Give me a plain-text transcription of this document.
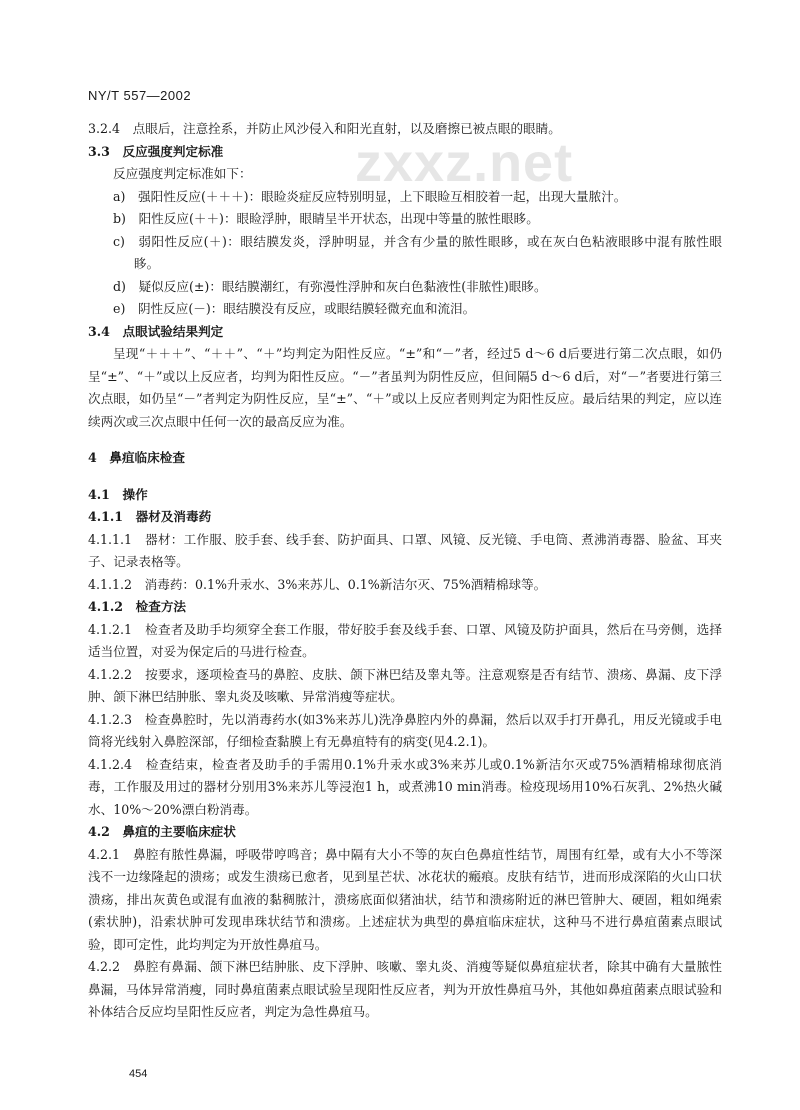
zxxz.net
NY/T 557—2002
3.2.4　点眼后，注意拴系，并防止风沙侵入和阳光直射，以及磨擦已被点眼的眼睛。
3.3　反应强度判定标准
反应强度判定标准如下：
a)　强阳性反应(＋＋＋)：眼睑炎症反应特别明显，上下眼睑互相胶着一起，出现大量脓汁。
b)　阳性反应(＋＋)：眼睑浮肿，眼睛呈半开状态，出现中等量的脓性眼眵。
c)　弱阳性反应(＋)：眼结膜发炎，浮肿明显，并含有少量的脓性眼眵，或在灰白色粘液眼眵中混有脓性眼眵。
d)　疑似反应(±)：眼结膜潮红，有弥漫性浮肿和灰白色黏液性(非脓性)眼眵。
e)　阴性反应(－)：眼结膜没有反应，或眼结膜轻微充血和流泪。
3.4　点眼试验结果判定
呈现“＋＋＋”、“＋＋”、“＋”均判定为阳性反应。“±”和“－”者，经过5 d～6 d后要进行第二次点眼，如仍呈“±”、“＋”或以上反应者，均判为阳性反应。“－”者虽判为阴性反应，但间隔5 d～6 d后，对“－”者要进行第三次点眼，如仍呈“－”者判定为阴性反应，呈“±”、“＋”或以上反应者则判定为阳性反应。最后结果的判定，应以连续两次或三次点眼中任何一次的最高反应为准。
4　鼻疽临床检查
4.1　操作
4.1.1　器材及消毒药
4.1.1.1　器材：工作服、胶手套、线手套、防护面具、口罩、风镜、反光镜、手电筒、煮沸消毒器、脸盆、耳夹子、记录表格等。
4.1.1.2　消毒药：0.1%升汞水、3%来苏儿、0.1%新洁尔灭、75%酒精棉球等。
4.1.2　检查方法
4.1.2.1　检查者及助手均须穿全套工作服，带好胶手套及线手套、口罩、风镜及防护面具，然后在马旁侧，选择适当位置，对妥为保定后的马进行检查。
4.1.2.2　按要求，逐项检查马的鼻腔、皮肤、颌下淋巴结及睾丸等。注意观察是否有结节、溃疡、鼻漏、皮下浮肿、颌下淋巴结肿胀、睾丸炎及咳嗽、异常消瘦等症状。
4.1.2.3　检查鼻腔时，先以消毒药水(如3%来苏儿)洗净鼻腔内外的鼻漏，然后以双手打开鼻孔，用反光镜或手电筒将光线射入鼻腔深部，仔细检查黏膜上有无鼻疽特有的病变(见4.2.1)。
4.1.2.4　检查结束，检查者及助手的手需用0.1%升汞水或3%来苏儿或0.1%新洁尔灭或75%酒精棉球彻底消毒，工作服及用过的器材分别用3%来苏儿等浸泡1 h，或煮沸10 min消毒。检疫现场用10%石灰乳、2%热火碱水、10%～20%漂白粉消毒。
4.2　鼻疽的主要临床症状
4.2.1　鼻腔有脓性鼻漏，呼吸带哼鸣音；鼻中隔有大小不等的灰白色鼻疽性结节，周围有红晕，或有大小不等深浅不一边缘隆起的溃疡；或发生溃疡已愈者，见到星芒状、冰花状的瘢痕。皮肤有结节，进而形成深陷的火山口状溃疡，排出灰黄色或混有血液的黏稠脓汁，溃疡底面似猪油状，结节和溃疡附近的淋巴管肿大、硬固，粗如绳索(索状肿)，沿索状肿可发现串珠状结节和溃疡。上述症状为典型的鼻疽临床症状，这种马不进行鼻疽菌素点眼试验，即可定性，此均判定为开放性鼻疽马。
4.2.2　鼻腔有鼻漏、颌下淋巴结肿胀、皮下浮肿、咳嗽、睾丸炎、消瘦等疑似鼻疽症状者，除其中确有大量脓性鼻漏，马体异常消瘦，同时鼻疽菌素点眼试验呈现阳性反应者，判为开放性鼻疽马外，其他如鼻疽菌素点眼试验和补体结合反应均呈阳性反应者，判定为急性鼻疽马。
454
